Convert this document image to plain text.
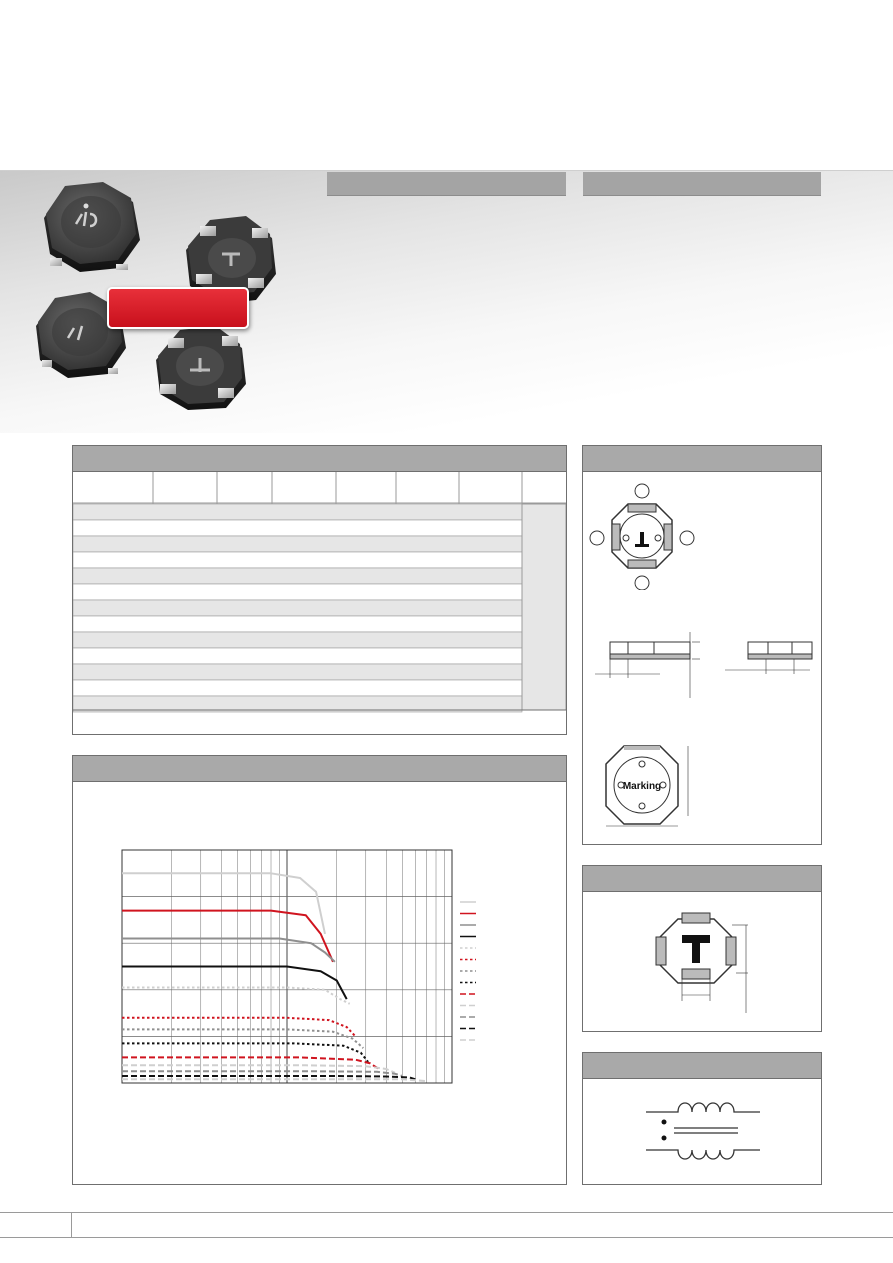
Marking
